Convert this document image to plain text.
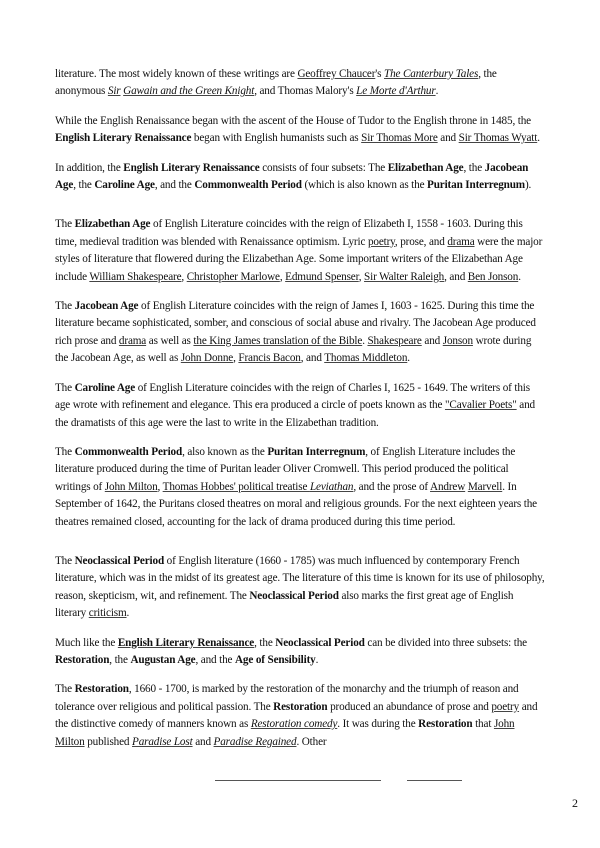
literature. The most widely known of these writings are Geoffrey Chaucer's The Canterbury Tales, the anonymous Sir Gawain and the Green Knight, and Thomas Malory's Le Morte d'Arthur.

While the English Renaissance began with the ascent of the House of Tudor to the English throne in 1485, the English Literary Renaissance began with English humanists such as Sir Thomas More and Sir Thomas Wyatt.

In addition, the English Literary Renaissance consists of four subsets: The Elizabethan Age, the Jacobean Age, the Caroline Age, and the Commonwealth Period (which is also known as the Puritan Interregnum).

The Elizabethan Age of English Literature coincides with the reign of Elizabeth I, 1558 - 1603. During this time, medieval tradition was blended with Renaissance optimism. Lyric poetry, prose, and drama were the major styles of literature that flowered during the Elizabethan Age. Some important writers of the Elizabethan Age include William Shakespeare, Christopher Marlowe, Edmund Spenser, Sir Walter Raleigh, and Ben Jonson.

The Jacobean Age of English Literature coincides with the reign of James I, 1603 - 1625. During this time the literature became sophisticated, somber, and conscious of social abuse and rivalry. The Jacobean Age produced rich prose and drama as well as the King James translation of the Bible. Shakespeare and Jonson wrote during the Jacobean Age, as well as John Donne, Francis Bacon, and Thomas Middleton.

The Caroline Age of English Literature coincides with the reign of Charles I, 1625 - 1649. The writers of this age wrote with refinement and elegance. This era produced a circle of poets known as the "Cavalier Poets" and the dramatists of this age were the last to write in the Elizabethan tradition.

The Commonwealth Period, also known as the Puritan Interregnum, of English Literature includes the literature produced during the time of Puritan leader Oliver Cromwell. This period produced the political writings of John Milton, Thomas Hobbes' political treatise Leviathan, and the prose of Andrew Marvell. In September of 1642, the Puritans closed theatres on moral and religious grounds. For the next eighteen years the theatres remained closed, accounting for the lack of drama produced during this time period.

The Neoclassical Period of English literature (1660 - 1785) was much influenced by contemporary French literature, which was in the midst of its greatest age. The literature of this time is known for its use of philosophy, reason, skepticism, wit, and refinement. The Neoclassical Period also marks the first great age of English literary criticism.

Much like the English Literary Renaissance, the Neoclassical Period can be divided into three subsets: the Restoration, the Augustan Age, and the Age of Sensibility.

The Restoration, 1660 - 1700, is marked by the restoration of the monarchy and the triumph of reason and tolerance over religious and political passion. The Restoration produced an abundance of prose and poetry and the distinctive comedy of manners known as Restoration comedy. It was during the Restoration that John Milton published Paradise Lost and Paradise Regained. Other

2
